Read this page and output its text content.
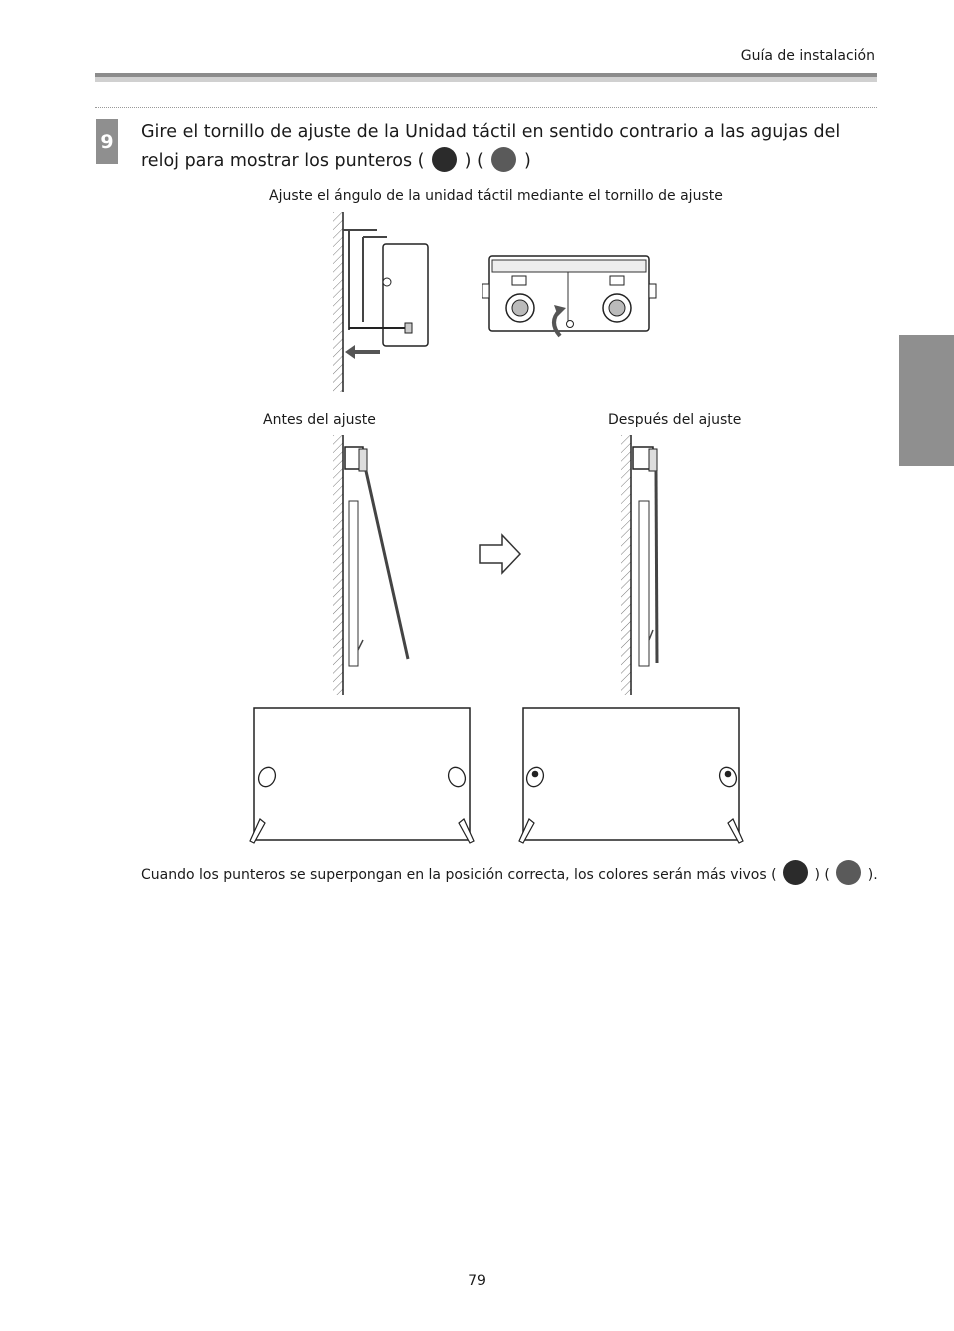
Guía de instalación
9 Gire el tornillo de ajuste de la Unidad táctil en sentido contrario a las agujas del reloj para mostrar los punteros ( ) ( )
Ajuste el ángulo de la unidad táctil mediante el tornillo de ajuste
Antes del ajuste	Después del ajuste
Cuando los punteros se superpongan en la posición correcta, los colores serán más vivos (	) (	).
79
